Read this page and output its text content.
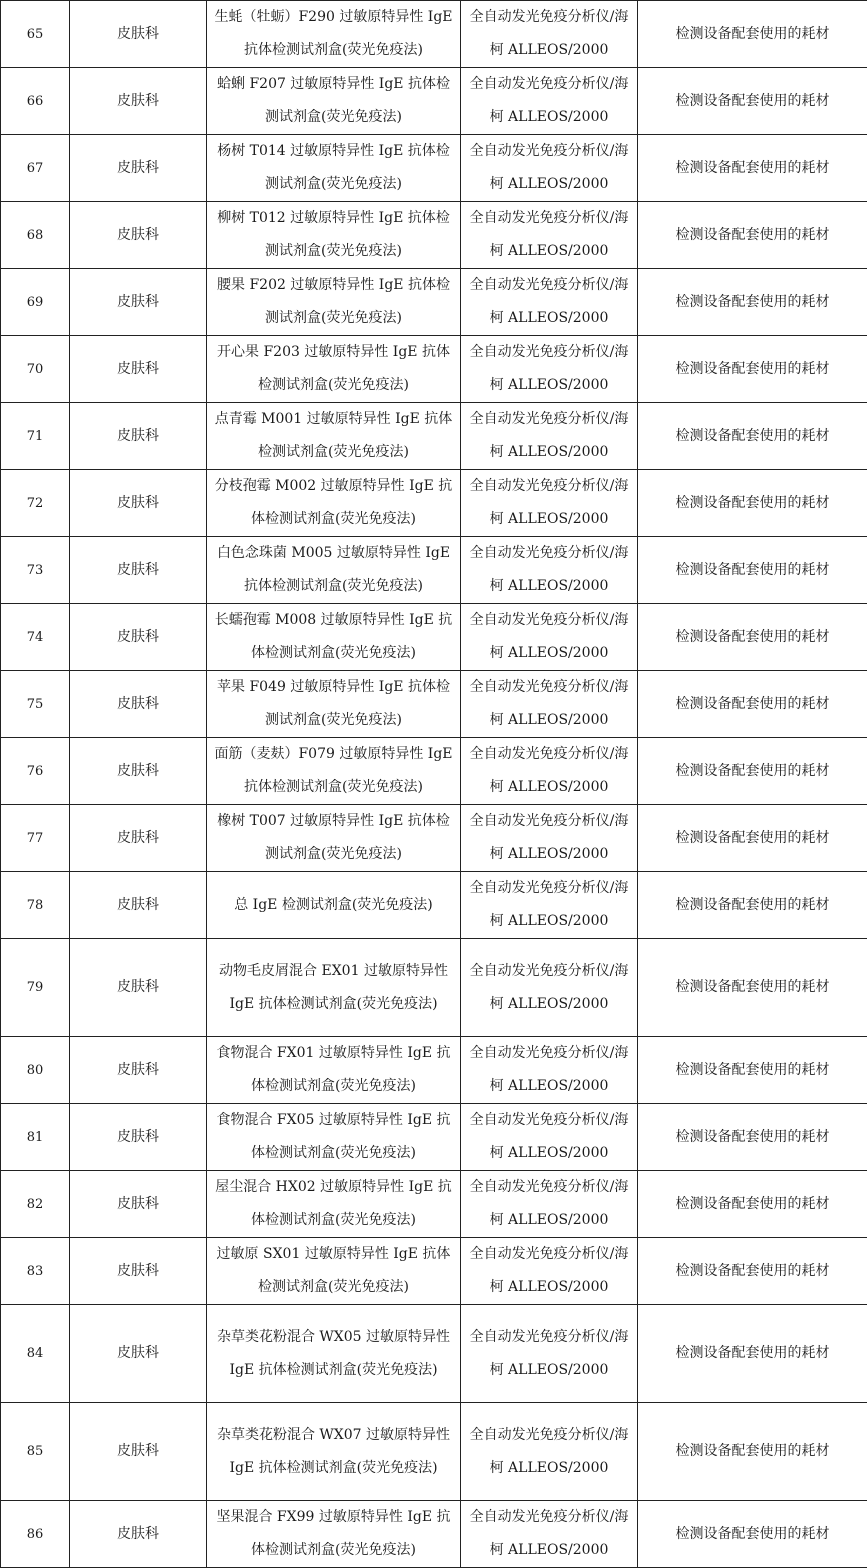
65	皮肤科	生蚝（牡蛎）F290 过敏原特异性 IgE 抗体检测试剂盒(荧光免疫法)	全自动发光免疫分析仪/海柯 ALLEOS/2000	检测设备配套使用的耗材
66	皮肤科	蛤蜊 F207 过敏原特异性 IgE 抗体检测试剂盒(荧光免疫法)	全自动发光免疫分析仪/海柯 ALLEOS/2000	检测设备配套使用的耗材
67	皮肤科	杨树 T014 过敏原特异性 IgE 抗体检测试剂盒(荧光免疫法)	全自动发光免疫分析仪/海柯 ALLEOS/2000	检测设备配套使用的耗材
68	皮肤科	柳树 T012 过敏原特异性 IgE 抗体检测试剂盒(荧光免疫法)	全自动发光免疫分析仪/海柯 ALLEOS/2000	检测设备配套使用的耗材
69	皮肤科	腰果 F202 过敏原特异性 IgE 抗体检测试剂盒(荧光免疫法)	全自动发光免疫分析仪/海柯 ALLEOS/2000	检测设备配套使用的耗材
70	皮肤科	开心果 F203 过敏原特异性 IgE 抗体检测试剂盒(荧光免疫法)	全自动发光免疫分析仪/海柯 ALLEOS/2000	检测设备配套使用的耗材
71	皮肤科	点青霉 M001 过敏原特异性 IgE 抗体检测试剂盒(荧光免疫法)	全自动发光免疫分析仪/海柯 ALLEOS/2000	检测设备配套使用的耗材
72	皮肤科	分枝孢霉 M002 过敏原特异性 IgE 抗体检测试剂盒(荧光免疫法)	全自动发光免疫分析仪/海柯 ALLEOS/2000	检测设备配套使用的耗材
73	皮肤科	白色念珠菌 M005 过敏原特异性 IgE 抗体检测试剂盒(荧光免疫法)	全自动发光免疫分析仪/海柯 ALLEOS/2000	检测设备配套使用的耗材
74	皮肤科	长蠕孢霉 M008 过敏原特异性 IgE 抗体检测试剂盒(荧光免疫法)	全自动发光免疫分析仪/海柯 ALLEOS/2000	检测设备配套使用的耗材
75	皮肤科	苹果 F049 过敏原特异性 IgE 抗体检测试剂盒(荧光免疫法)	全自动发光免疫分析仪/海柯 ALLEOS/2000	检测设备配套使用的耗材
76	皮肤科	面筋（麦麸）F079 过敏原特异性 IgE 抗体检测试剂盒(荧光免疫法)	全自动发光免疫分析仪/海柯 ALLEOS/2000	检测设备配套使用的耗材
77	皮肤科	橡树 T007 过敏原特异性 IgE 抗体检测试剂盒(荧光免疫法)	全自动发光免疫分析仪/海柯 ALLEOS/2000	检测设备配套使用的耗材
78	皮肤科	总 IgE 检测试剂盒(荧光免疫法)	全自动发光免疫分析仪/海柯 ALLEOS/2000	检测设备配套使用的耗材
79	皮肤科	动物毛皮屑混合 EX01 过敏原特异性 IgE 抗体检测试剂盒(荧光免疫法)	全自动发光免疫分析仪/海柯 ALLEOS/2000	检测设备配套使用的耗材
80	皮肤科	食物混合 FX01 过敏原特异性 IgE 抗体检测试剂盒(荧光免疫法)	全自动发光免疫分析仪/海柯 ALLEOS/2000	检测设备配套使用的耗材
81	皮肤科	食物混合 FX05 过敏原特异性 IgE 抗体检测试剂盒(荧光免疫法)	全自动发光免疫分析仪/海柯 ALLEOS/2000	检测设备配套使用的耗材
82	皮肤科	屋尘混合 HX02 过敏原特异性 IgE 抗体检测试剂盒(荧光免疫法)	全自动发光免疫分析仪/海柯 ALLEOS/2000	检测设备配套使用的耗材
83	皮肤科	过敏原 SX01 过敏原特异性 IgE 抗体检测试剂盒(荧光免疫法)	全自动发光免疫分析仪/海柯 ALLEOS/2000	检测设备配套使用的耗材
84	皮肤科	杂草类花粉混合 WX05 过敏原特异性 IgE 抗体检测试剂盒(荧光免疫法)	全自动发光免疫分析仪/海柯 ALLEOS/2000	检测设备配套使用的耗材
85	皮肤科	杂草类花粉混合 WX07 过敏原特异性 IgE 抗体检测试剂盒(荧光免疫法)	全自动发光免疫分析仪/海柯 ALLEOS/2000	检测设备配套使用的耗材
86	皮肤科	坚果混合 FX99 过敏原特异性 IgE 抗体检测试剂盒(荧光免疫法)	全自动发光免疫分析仪/海柯 ALLEOS/2000	检测设备配套使用的耗材
